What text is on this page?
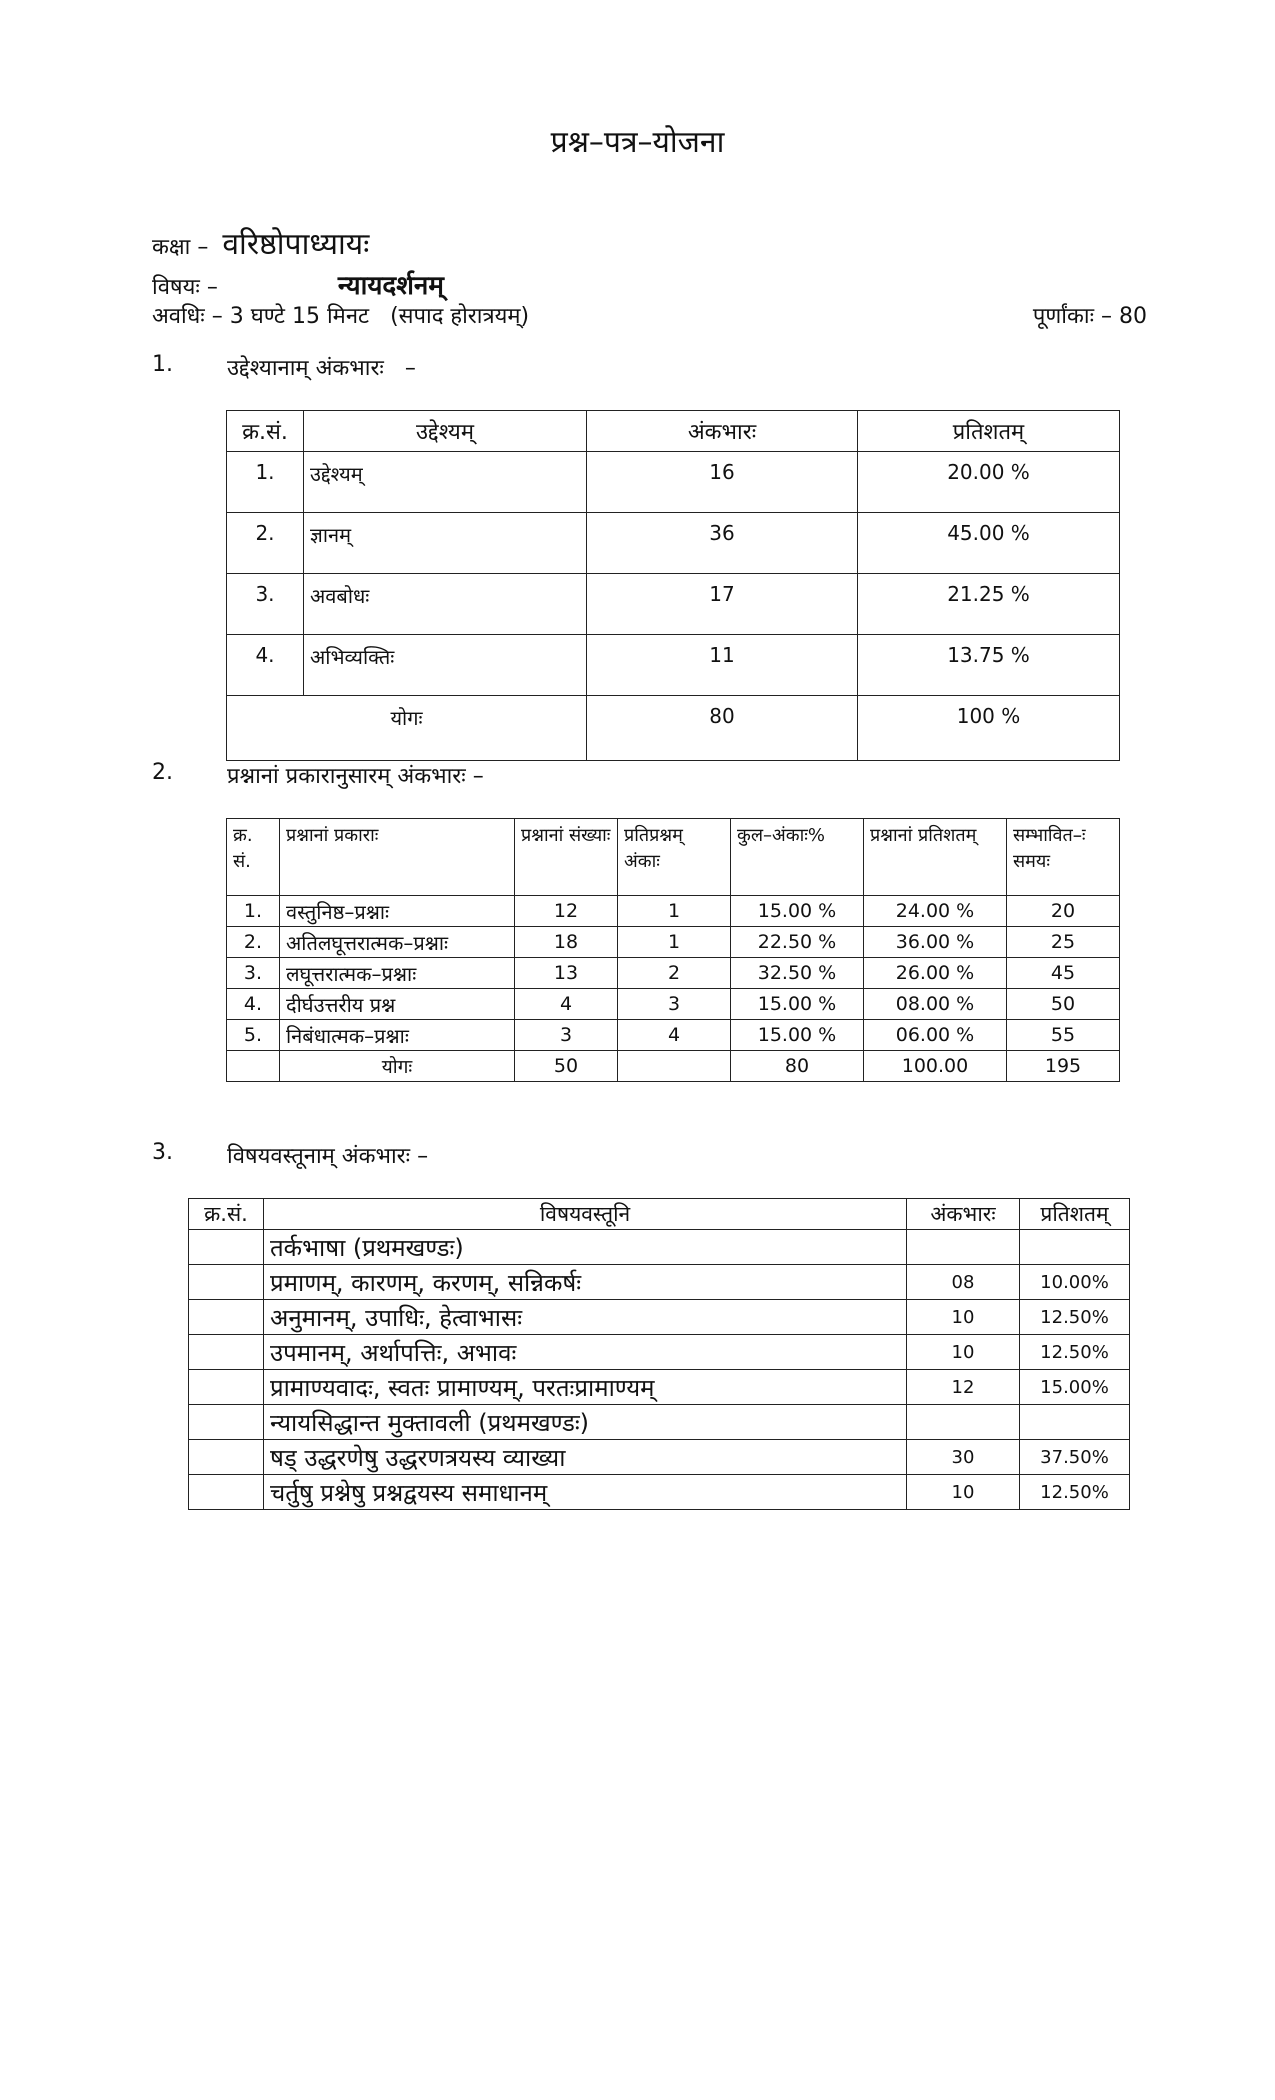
प्रश्न–पत्र–योजना
कक्षा – वरिष्ठोपाध्यायः
विषयः –	न्यायदर्शनम्
अवधिः – 3 घण्टे 15 मिनट   (सपाद होरात्रयम्)	पूर्णांकाः – 80
1. उद्देश्यानाम् अंकभारः   –
क्र.सं.	उद्देश्यम्	अंकभारः	प्रतिशतम्
1.	उद्देश्यम्	16	20.00 %
2.	ज्ञानम्	36	45.00 %
3.	अवबोधः	17	21.25 %
4.	अभिव्यक्तिः	11	13.75 %
योगः		80	100 %
2. प्रश्नानां प्रकारानुसारम् अंकभारः –
क्र. सं.	प्रश्नानां प्रकाराः	प्रश्नानां संख्याः	प्रतिप्रश्नम् अंकाः	कुल–अंकाः%	प्रश्नानां प्रतिशतम्	सम्भावित–ः समयः
1.	वस्तुनिष्ठ–प्रश्नाः	12	1	15.00 %	24.00 %	20
2.	अतिलघूत्तरात्मक–प्रश्नाः	18	1	22.50 %	36.00 %	25
3.	लघूत्तरात्मक–प्रश्नाः	13	2	32.50 %	26.00 %	45
4.	दीर्घउत्तरीय प्रश्न	4	3	15.00 %	08.00 %	50
5.	निबंधात्मक–प्रश्नाः	3	4	15.00 %	06.00 %	55
	योगः	50		80	100.00	195
3. विषयवस्तूनाम् अंकभारः –
क्र.सं.	विषयवस्तूनि	अंकभारः	प्रतिशतम्
	तर्कभाषा (प्रथमखण्डः)		
	प्रमाणम्, कारणम्, करणम्, सन्निकर्षः	08	10.00%
	अनुमानम्, उपाधिः, हेत्वाभासः	10	12.50%
	उपमानम्, अर्थापत्तिः, अभावः	10	12.50%
	प्रामाण्यवादः, स्वतः प्रामाण्यम्, परतःप्रामाण्यम्	12	15.00%
	न्यायसिद्धान्त मुक्तावली (प्रथमखण्डः)		
	षड् उद्धरणेषु उद्धरणत्रयस्य व्याख्या	30	37.50%
	चर्तुषु प्रश्नेषु प्रश्नद्वयस्य समाधानम्	10	12.50%
